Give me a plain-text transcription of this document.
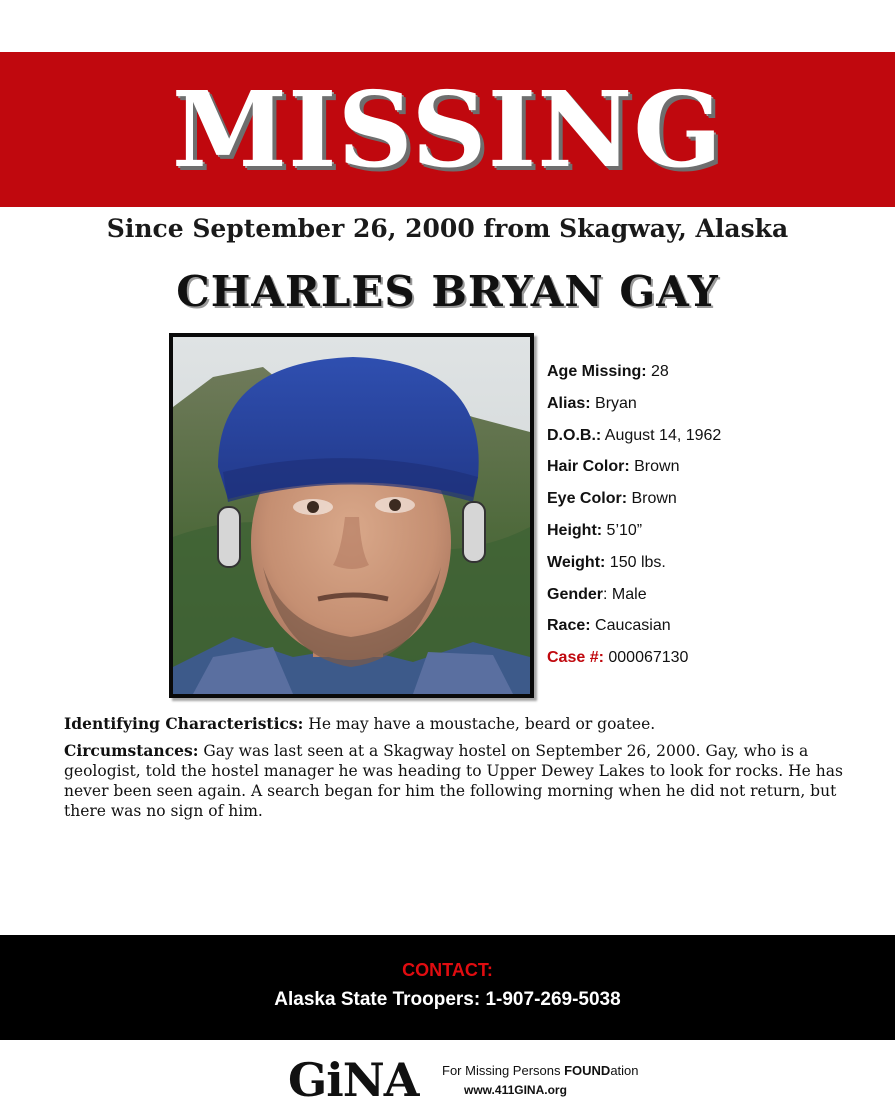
MISSING
Since September 26, 2000 from Skagway, Alaska
CHARLES BRYAN GAY
Age Missing: 28
Alias: Bryan
D.O.B.: August 14, 1962
Hair Color: Brown
Eye Color: Brown
Height: 5’10”
Weight: 150 lbs.
Gender: Male
Race: Caucasian
Case #: 000067130

Identifying Characteristics: He may have a moustache, beard or goatee.

Circumstances: Gay was last seen at a Skagway hostel on September 26, 2000. Gay, who is a geologist, told the hostel manager he was heading to Upper Dewey Lakes to look for rocks. He has never been seen again. A search began for him the following morning when he did not return, but there was no sign of him.

CONTACT:
Alaska State Troopers: 1-907-269-5038
GiNA For Missing Persons FOUNDation
www.411GINA.org
